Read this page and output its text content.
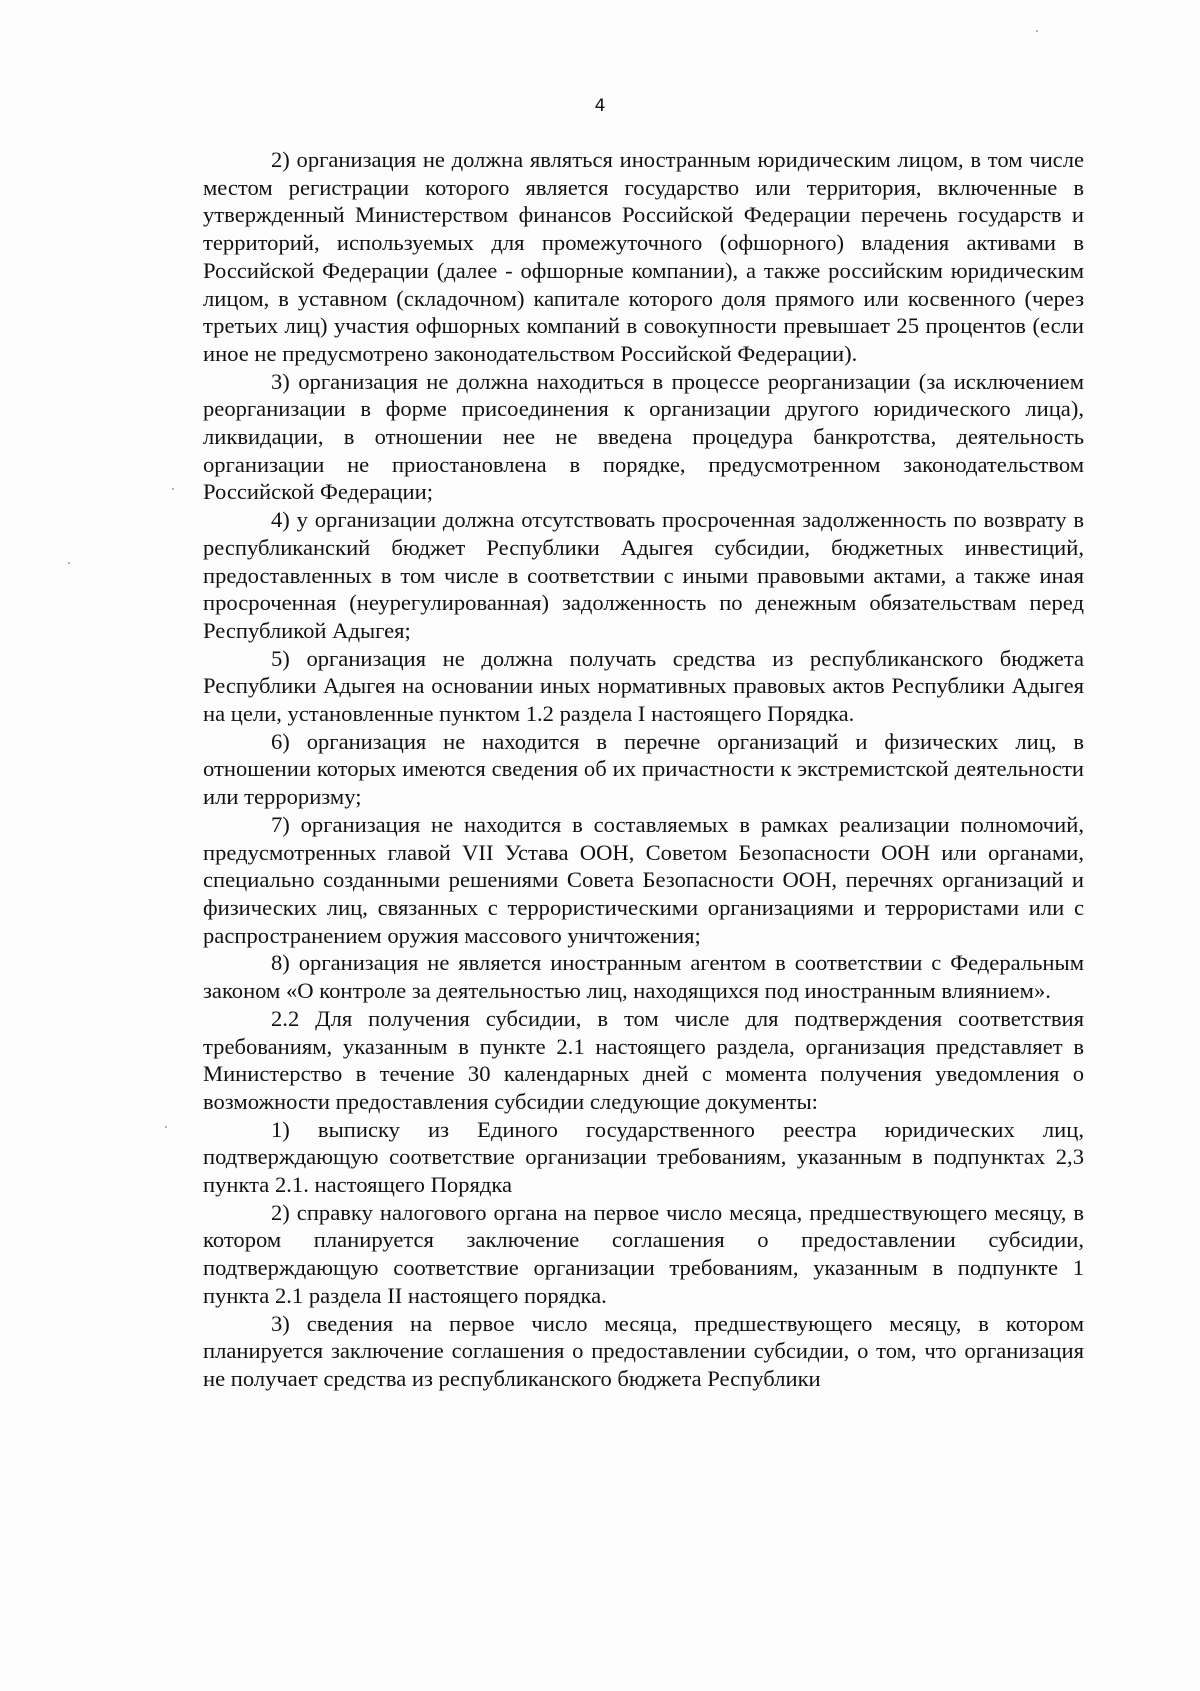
4

2) организация не должна являться иностранным юридическим лицом, в том числе местом регистрации которого является государство или территория, включенные в утвержденный Министерством финансов Российской Федерации перечень государств и территорий, используемых для промежуточного (офшорного) владения активами в Российской Федерации (далее - офшорные компании), а также российским юридическим лицом, в уставном (складочном) капитале которого доля прямого или косвенного (через третьих лиц) участия офшорных компаний в совокупности превышает 25 процентов (если иное не предусмотрено законодательством Российской Федерации).

3) организация не должна находиться в процессе реорганизации (за исключением реорганизации в форме присоединения к организации другого юридического лица), ликвидации, в отношении нее не введена процедура банкротства, деятельность организации не приостановлена в порядке, предусмотренном законодательством Российской Федерации;

4) у организации должна отсутствовать просроченная задолженность по возврату в республиканский бюджет Республики Адыгея субсидии, бюджетных инвестиций, предоставленных в том числе в соответствии с иными правовыми актами, а также иная просроченная (неурегулированная) задолженность по денежным обязательствам перед Республикой Адыгея;

5) организация не должна получать средства из республиканского бюджета Республики Адыгея на основании иных нормативных правовых актов Республики Адыгея на цели, установленные пунктом 1.2 раздела I настоящего Порядка.

6) организация не находится в перечне организаций и физических лиц, в отношении которых имеются сведения об их причастности к экстремистской деятельности или терроризму;

7) организация не находится в составляемых в рамках реализации полномочий, предусмотренных главой VII Устава ООН, Советом Безопасности ООН или органами, специально созданными решениями Совета Безопасности ООН, перечнях организаций и физических лиц, связанных с террористическими организациями и террористами или с распространением оружия массового уничтожения;

8) организация не является иностранным агентом в соответствии с Федеральным законом «О контроле за деятельностью лиц, находящихся под иностранным влиянием».

2.2 Для получения субсидии, в том числе для подтверждения соответствия требованиям, указанным в пункте 2.1 настоящего раздела, организация представляет в Министерство в течение 30 календарных дней с момента получения уведомления о возможности предоставления субсидии следующие документы:

1) выписку из Единого государственного реестра юридических лиц, подтверждающую соответствие организации требованиям, указанным в подпунктах 2,3 пункта 2.1. настоящего Порядка

2) справку налогового органа на первое число месяца, предшествующего месяцу, в котором планируется заключение соглашения о предоставлении субсидии, подтверждающую соответствие организации требованиям, указанным в подпункте 1 пункта 2.1 раздела II настоящего порядка.

3) сведения на первое число месяца, предшествующего месяцу, в котором планируется заключение соглашения о предоставлении субсидии, о том, что организация не получает средства из республиканского бюджета Республики
